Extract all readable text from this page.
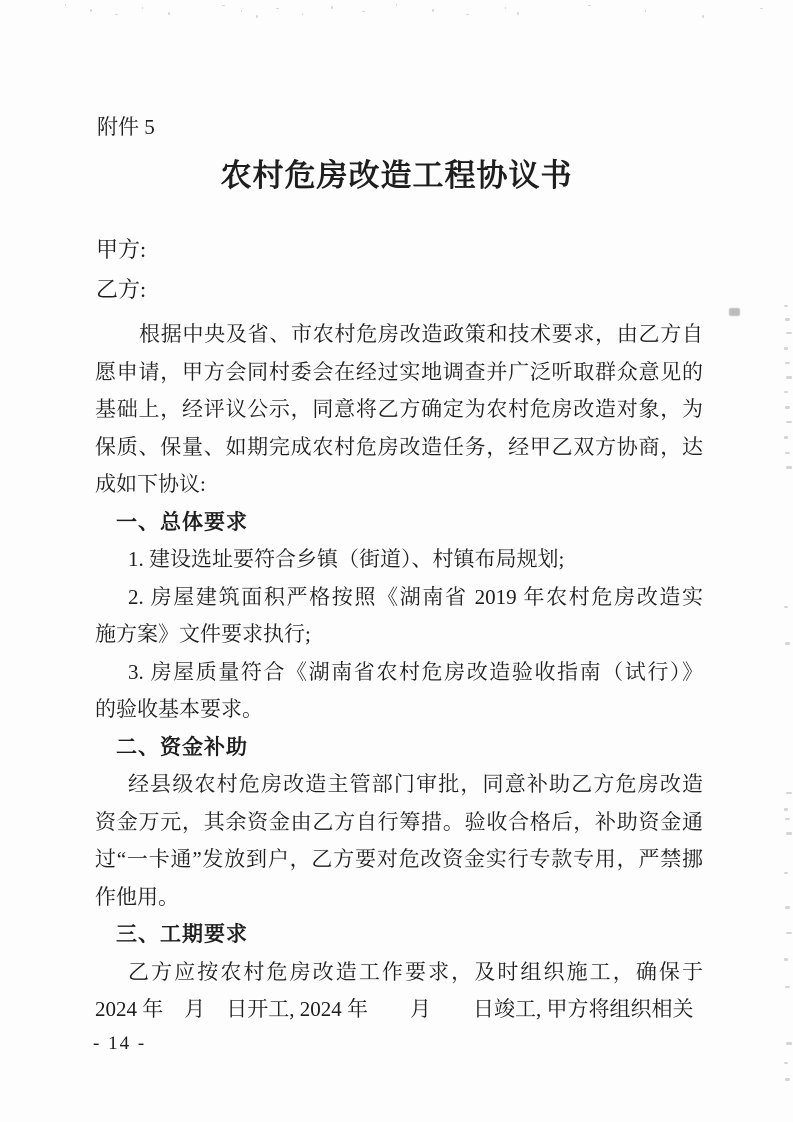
附件 5
农村危房改造工程协议书
甲方:
乙方:
根据中央及省、市农村危房改造政策和技术要求，由乙方自
愿申请，甲方会同村委会在经过实地调查并广泛听取群众意见的
基础上，经评议公示，同意将乙方确定为农村危房改造对象，为
保质、保量、如期完成农村危房改造任务，经甲乙双方协商，达
成如下协议:
一、总体要求
1. 建设选址要符合乡镇（街道）、村镇布局规划;
2. 房屋建筑面积严格按照《湖南省 2019 年农村危房改造实
施方案》文件要求执行;
3. 房屋质量符合《湖南省农村危房改造验收指南（试行）》
的验收基本要求。
二、资金补助
经县级农村危房改造主管部门审批，同意补助乙方危房改造
资金万元，其余资金由乙方自行筹措。验收合格后，补助资金通
过“一卡通”发放到户，乙方要对危改资金实行专款专用，严禁挪
作他用。
三、工期要求
乙方应按农村危房改造工作要求，及时组织施工，确保于
2024 年　月　日开工, 2024 年　　月　　日竣工, 甲方将组织相关
- 14 -
